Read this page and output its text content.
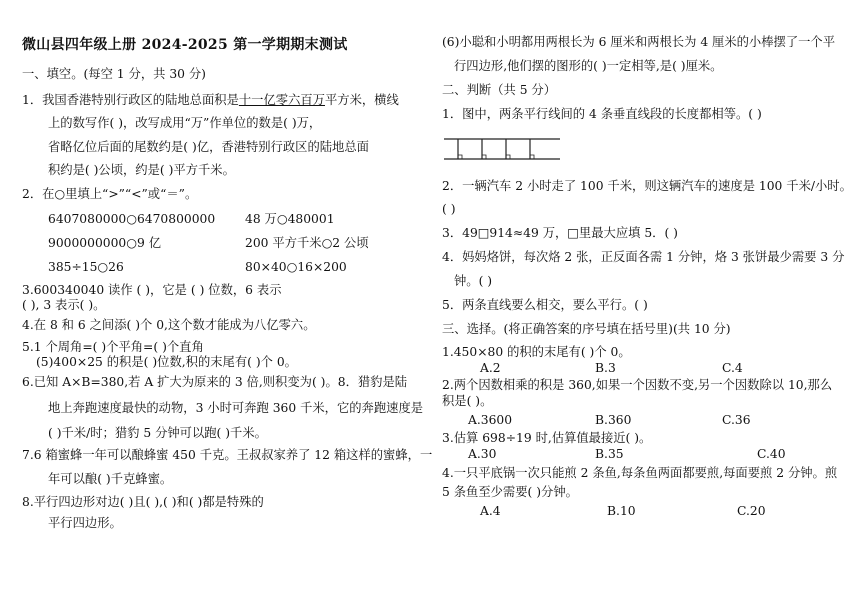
微山县四年级上册 2024-2025 第一学期期末测试
一、填空。(每空 1 分，共 30 分)
1．我国香港特别行政区的陆地总面积是十一亿零六百万平方米，横线
上的数写作( )，改写成用“万”作单位的数是( )万，
省略亿位后面的尾数约是( )亿，香港特别行政区的陆地总面
积约是( )公顷，约是( )平方千米。
2．在○里填上“>”“<”或“＝”。
6407080000○6470800000 48 万○480001
9000000000○9 亿	200 平方千米○2 公顷
385÷15○26	80×40○16×200
3.600340040 读作 ( )，它是 ( ) 位数，6 表示
( ), 3 表示( )。
4.在 8 和 6 之间添( )个 0,这个数才能成为八亿零六。
5.1 个周角=( )个平角=( )个直角
(5)400×25 的积是( )位数,积的末尾有( )个 0。
6.已知 A×B=380,若 A 扩大为原来的 3 倍,则积变为( )。8．猎豹是陆
地上奔跑速度最快的动物，3 小时可奔跑 360 千米，它的奔跑速度是
( )千米/时；猎豹 5 分钟可以跑( )千米。
7.6 箱蜜蜂一年可以酿蜂蜜 450 千克。王叔叔家养了 12 箱这样的蜜蜂，一
年可以酿( )千克蜂蜜。
8.平行四边形对边( )且( ),( )和( )都是特殊的
平行四边形。
(6)小聪和小明都用两根长为 6 厘米和两根长为 4 厘米的小棒摆了一个平
行四边形,他们摆的图形的( )一定相等,是( )厘米。
二、判断（共 5 分）
1．图中，两条平行线间的 4 条垂直线段的长度都相等。( )
2．一辆汽车 2 小时走了 100 千米，则这辆汽车的速度是 100 千米/小时。
( )
3．49□914≈49 万，□里最大应填 5．( )
4．妈妈烙饼，每次烙 2 张，正反面各需 1 分钟，烙 3 张饼最少需要 3 分
钟。( )
5．两条直线要么相交，要么平行。( )
三、选择。(将正确答案的序号填在括号里)(共 10 分)
1.450×80 的积的末尾有( )个 0。
A.2	B.3	C.4
2.两个因数相乘的积是 360,如果一个因数不变,另一个因数除以 10,那么
积是( )。
A.3600	B.360	C.36
3.估算 698÷19 时,估算值最接近( )。
A.30	B.35	C.40
4.一只平底锅一次只能煎 2 条鱼,每条鱼两面都要煎,每面要煎 2 分钟。煎
5 条鱼至少需要( )分钟。
A.4	B.10	C.20
